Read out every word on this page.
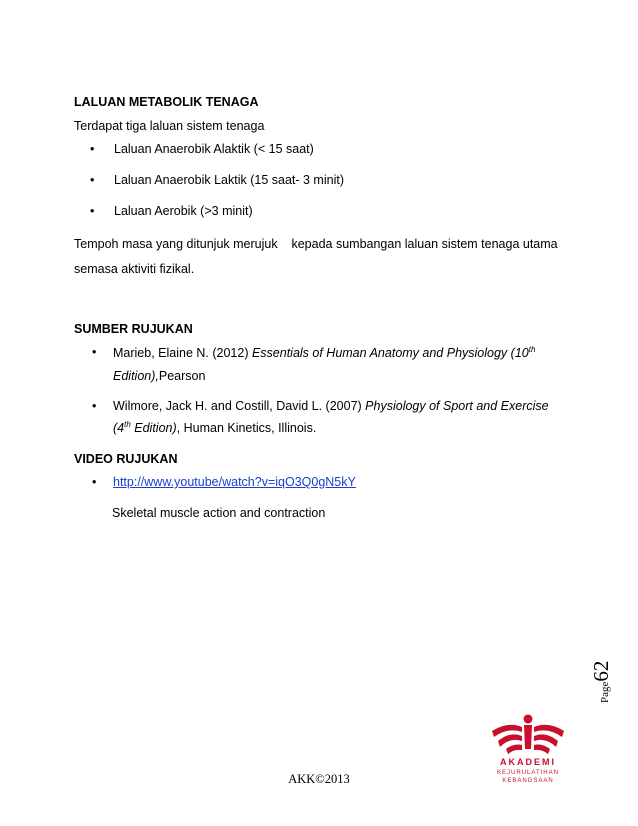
LALUAN METABOLIK TENAGA
Terdapat tiga laluan sistem tenaga
• Laluan Anaerobik Alaktik (< 15 saat)
• Laluan Anaerobik Laktik (15 saat- 3 minit)
• Laluan Aerobik (>3 minit)
Tempoh masa yang ditunjuk merujuk    kepada sumbangan laluan sistem tenaga utama
semasa aktiviti fizikal.
SUMBER RUJUKAN
• Marieb, Elaine N. (2012) Essentials of Human Anatomy and Physiology (10th
Edition),Pearson
• Wilmore, Jack H. and Costill, David L. (2007) Physiology of Sport and Exercise
(4th Edition), Human Kinetics, Illinois.
VIDEO RUJUKAN
• http://www.youtube/watch?v=iqO3Q0gN5kY
Skeletal muscle action and contraction
Page62
AKADEMI
KEJURULATIHAN
KEBANGSAAN
AKK©2013
